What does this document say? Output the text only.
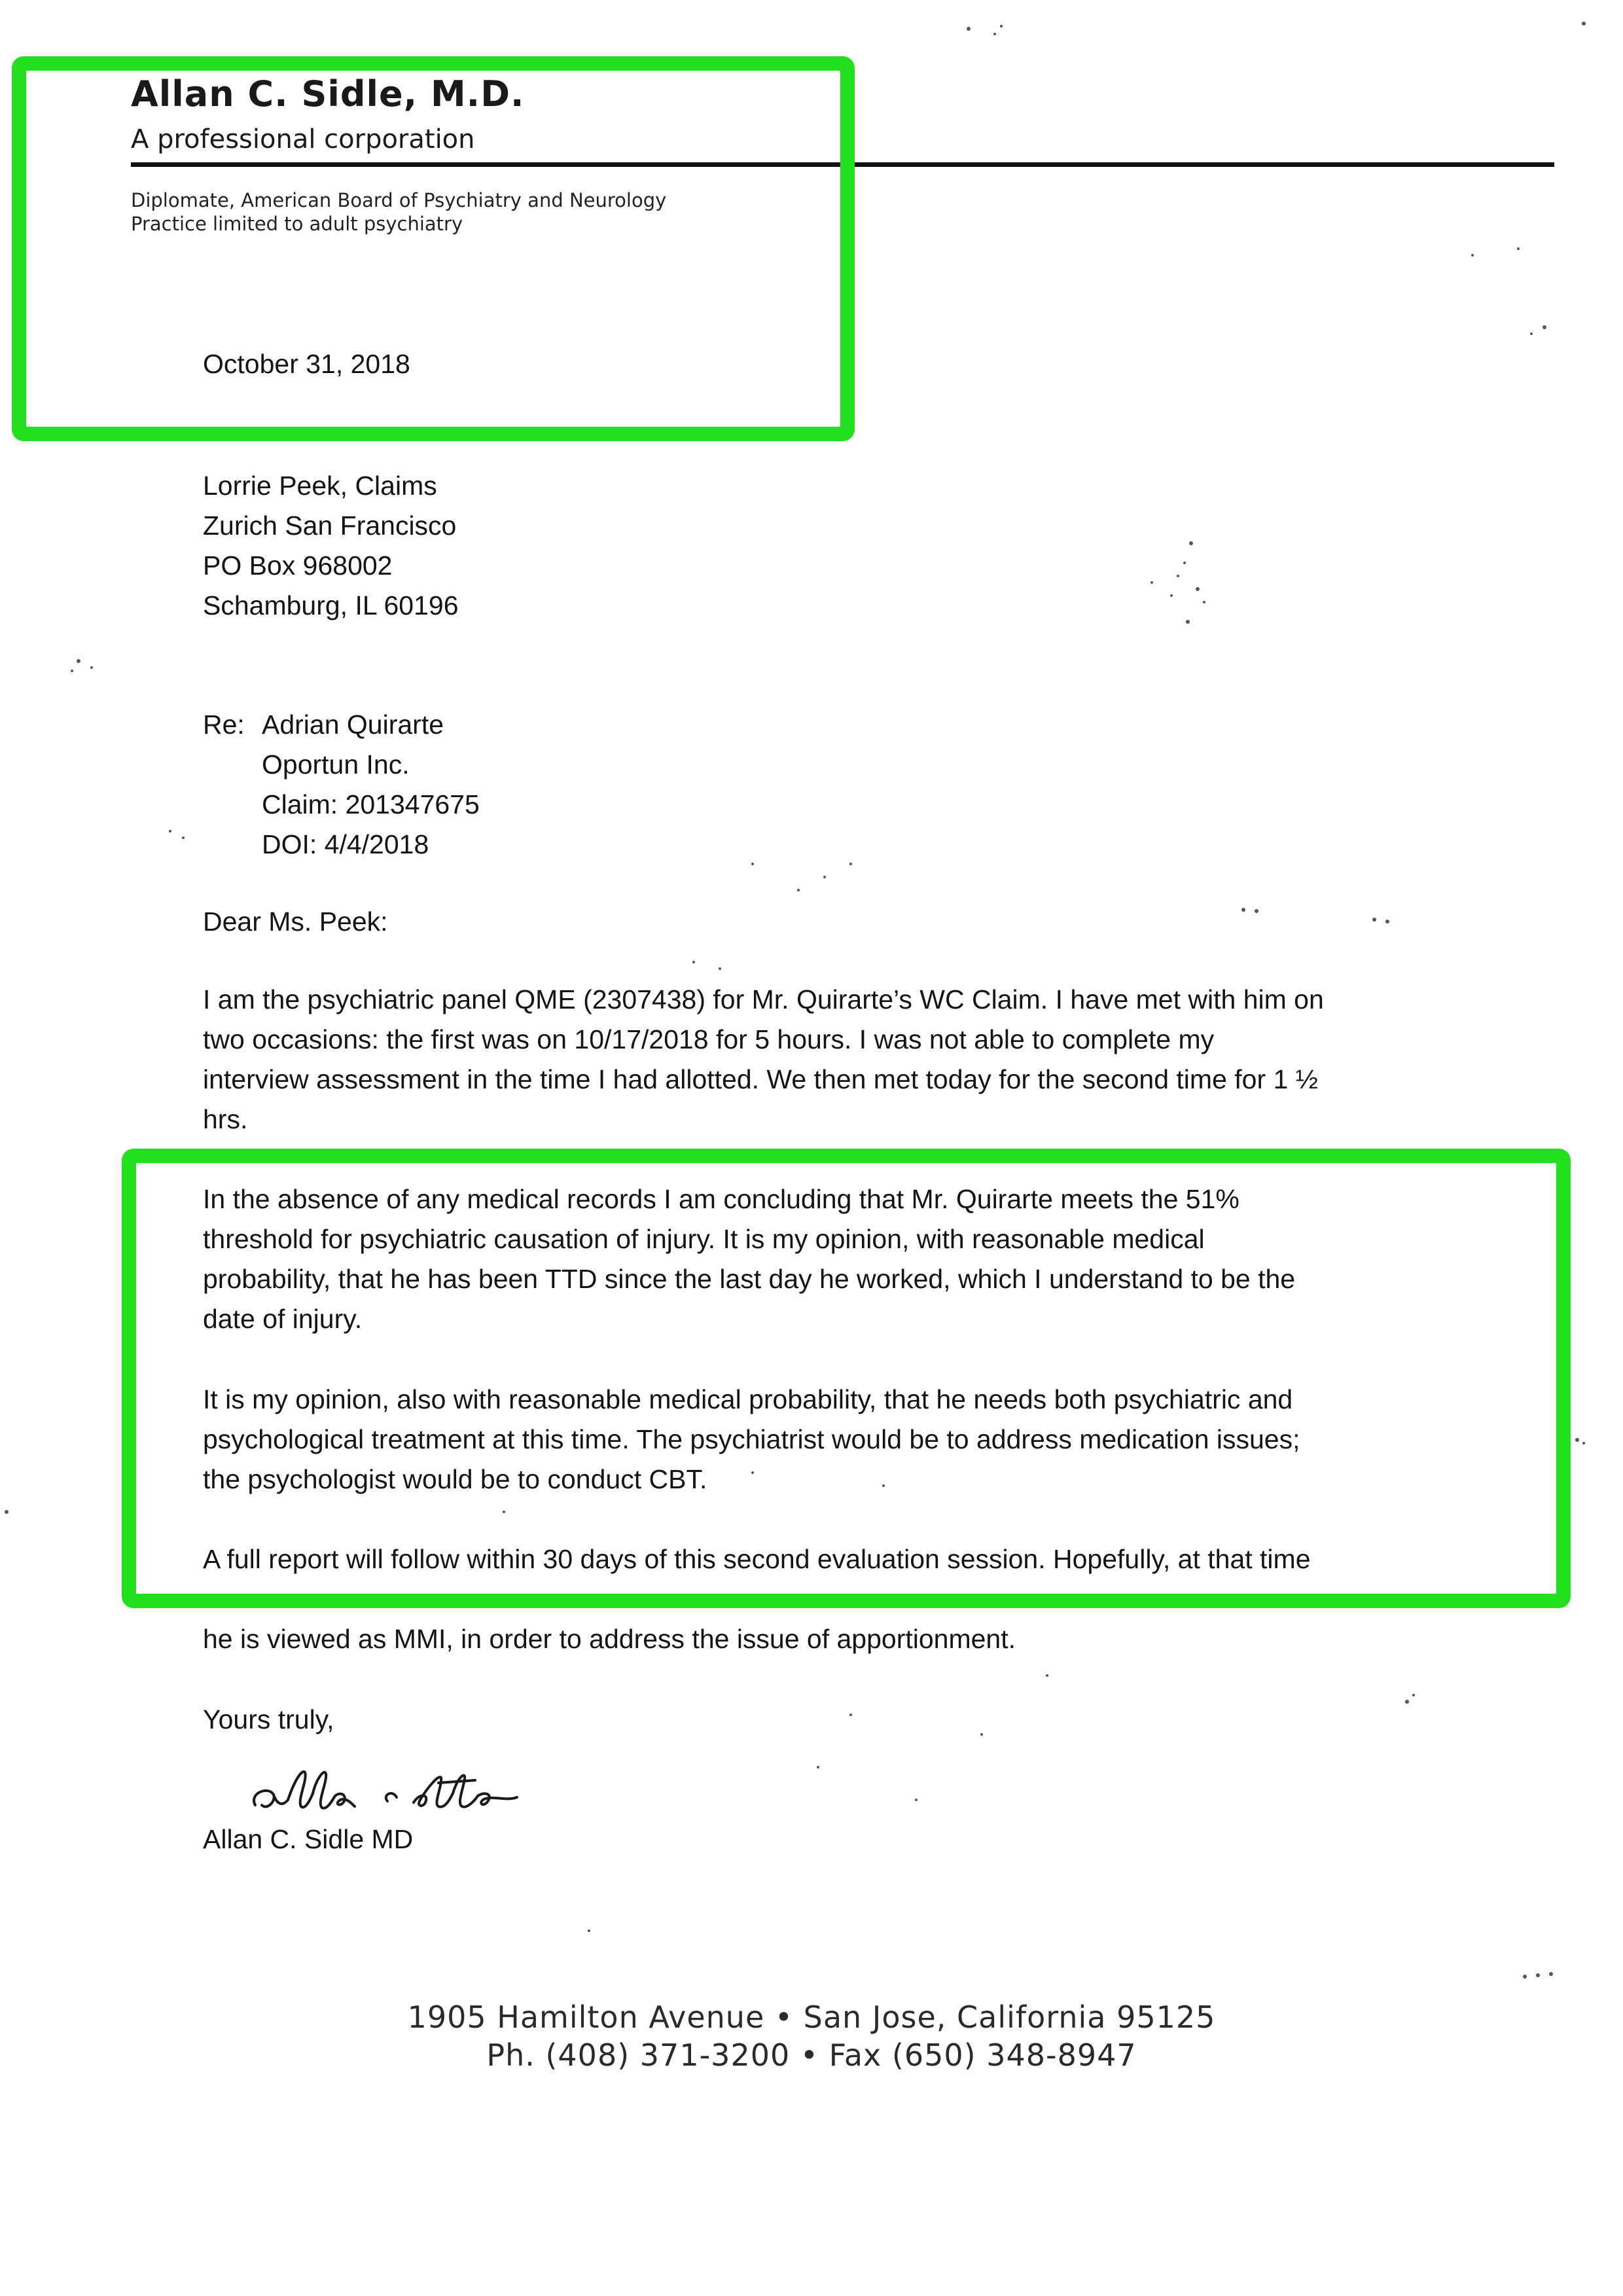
Allan C. Sidle, M.D.
A professional corporation
Diplomate, American Board of Psychiatry and Neurology
Practice limited to adult psychiatry
October 31, 2018
Lorrie Peek, Claims
Zurich San Francisco
PO Box 968002
Schamburg, IL 60196
Re: Adrian Quirarte
Oportun Inc.
Claim: 201347675
DOI: 4/4/2018
Dear Ms. Peek:
I am the psychiatric panel QME (2307438) for Mr. Quirarte’s WC Claim. I have met with him on
two occasions: the first was on 10/17/2018 for 5 hours. I was not able to complete my
interview assessment in the time I had allotted. We then met today for the second time for 1 ½
hrs.
In the absence of any medical records I am concluding that Mr. Quirarte meets the 51%
threshold for psychiatric causation of injury. It is my opinion, with reasonable medical
probability, that he has been TTD since the last day he worked, which I understand to be the
date of injury.
It is my opinion, also with reasonable medical probability, that he needs both psychiatric and
psychological treatment at this time. The psychiatrist would be to address medication issues;
the psychologist would be to conduct CBT.
A full report will follow within 30 days of this second evaluation session. Hopefully, at that time
he is viewed as MMI, in order to address the issue of apportionment.
Yours truly,
Allan C. Sidle MD
1905 Hamilton Avenue • San Jose, California 95125
Ph. (408) 371-3200 • Fax (650) 348-8947
